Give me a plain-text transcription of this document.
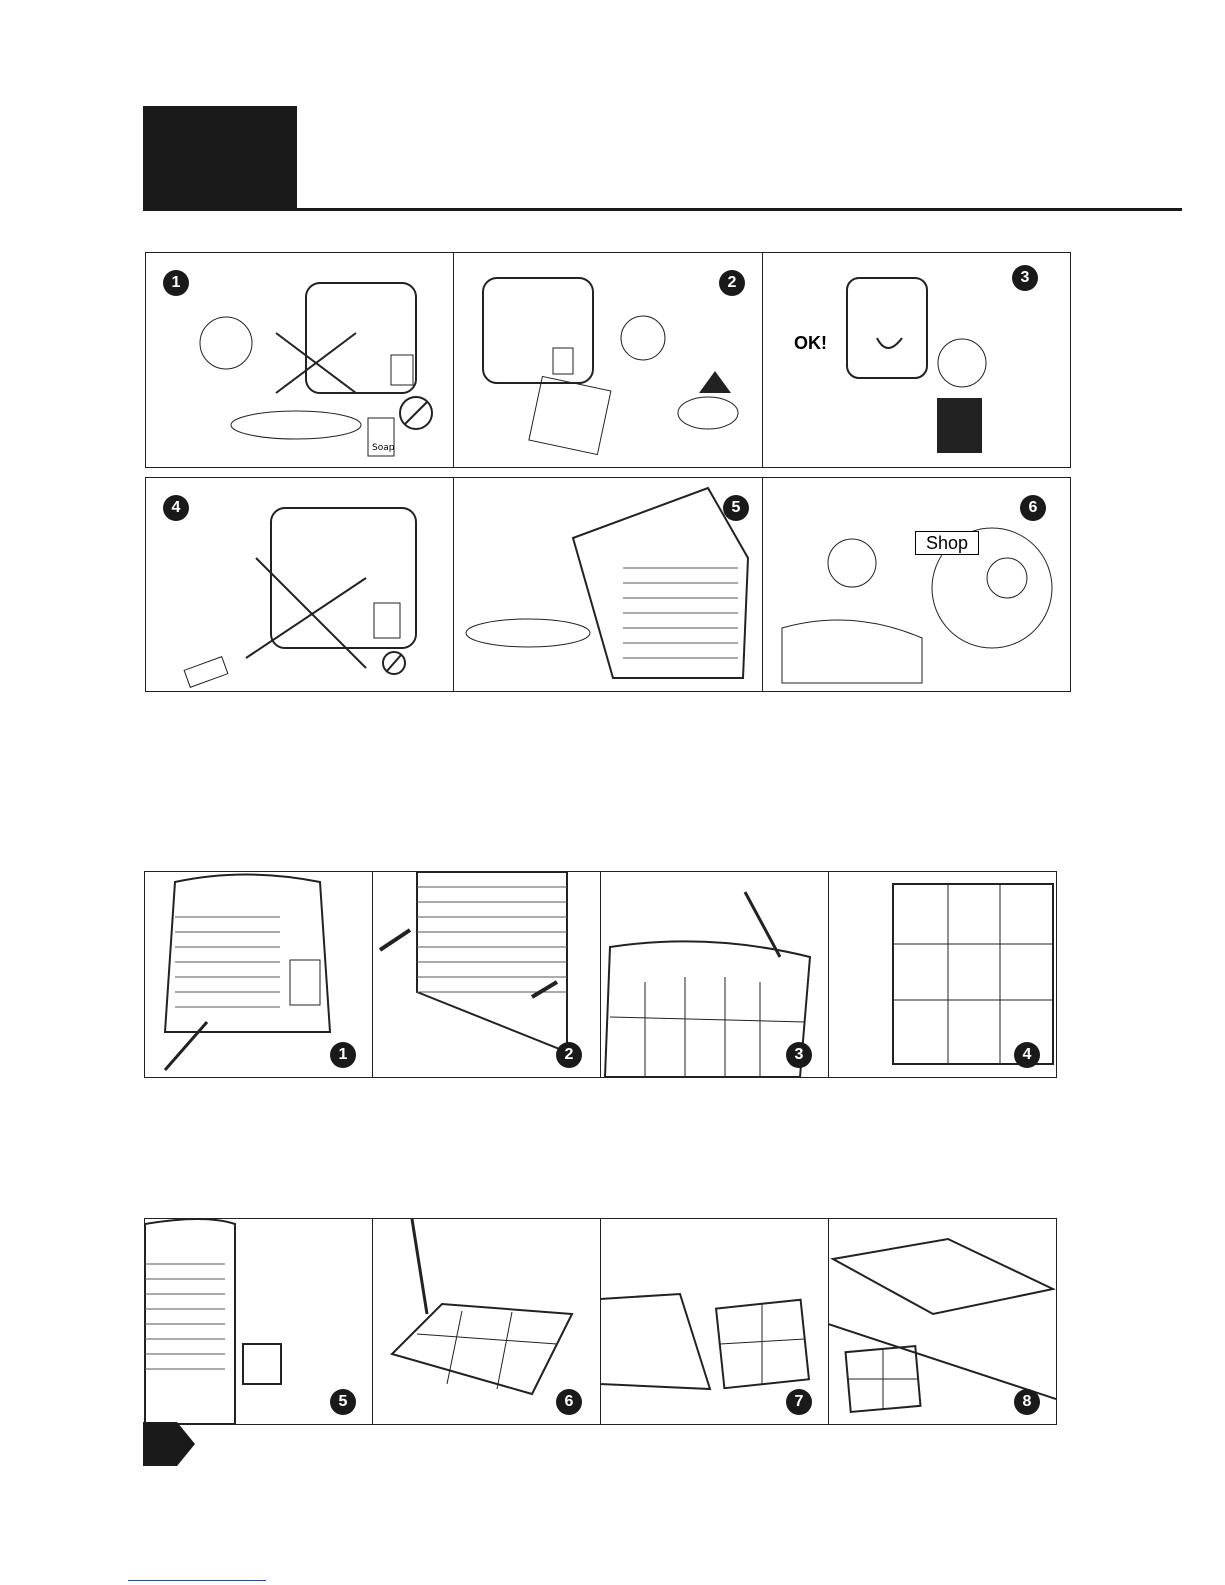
Soap
1	2
OK!
3
4	5
Shop
6
1	2	3	4
5	6	7	8
